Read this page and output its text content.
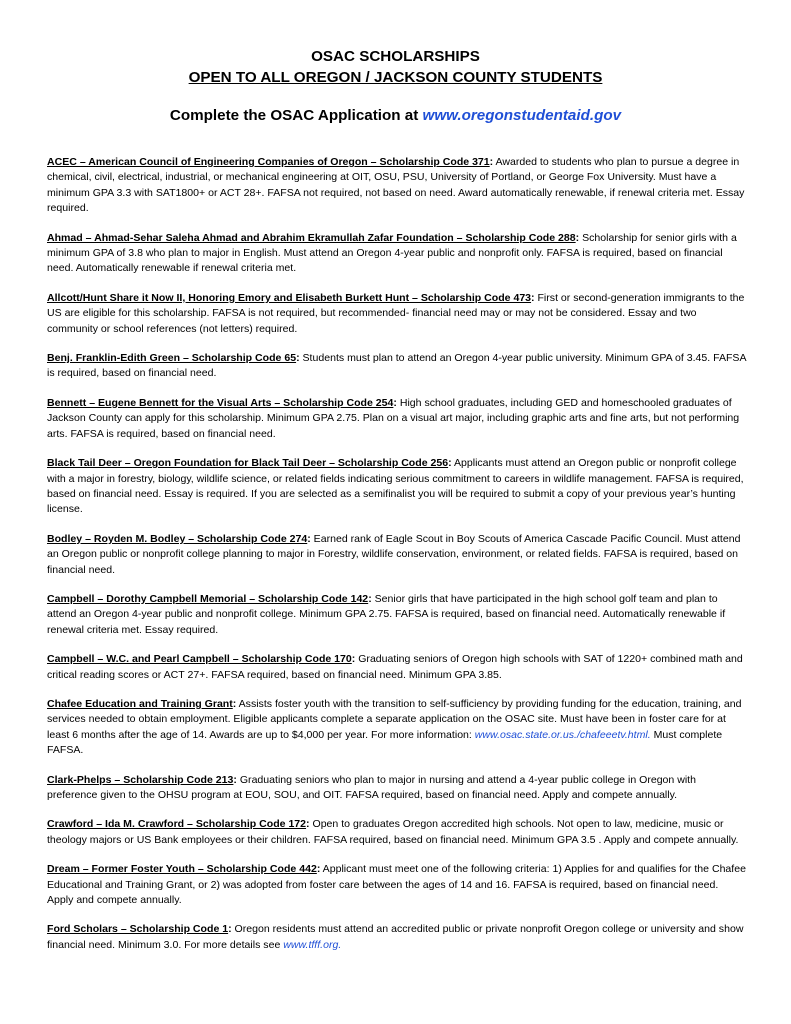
OSAC SCHOLARSHIPS
OPEN TO ALL OREGON / JACKSON COUNTY STUDENTS
Complete the OSAC Application at www.oregonstudentaid.gov

ACEC – American Council of Engineering Companies of Oregon – Scholarship Code 371: Awarded to students who plan to pursue a degree in chemical, civil, electrical, industrial, or mechanical engineering at OIT, OSU, PSU, University of Portland, or George Fox University. Must have a minimum GPA 3.3 with SAT1800+ or ACT 28+. FAFSA not required, not based on need. Award automatically renewable, if renewal criteria met. Essay required.

Ahmad – Ahmad-Sehar Saleha Ahmad and Abrahim Ekramullah Zafar Foundation – Scholarship Code 288: Scholarship for senior girls with a minimum GPA of 3.8 who plan to major in English. Must attend an Oregon 4-year public and nonprofit only. FAFSA is required, based on financial need. Automatically renewable if renewal criteria met.

Allcott/Hunt Share it Now II, Honoring Emory and Elisabeth Burkett Hunt – Scholarship Code 473: First or second-generation immigrants to the US are eligible for this scholarship. FAFSA is not required, but recommended- financial need may or may not be considered. Essay and two community or school references (not letters) required.

Benj. Franklin-Edith Green – Scholarship Code 65: Students must plan to attend an Oregon 4-year public university. Minimum GPA of 3.45. FAFSA is required, based on financial need.

Bennett – Eugene Bennett for the Visual Arts – Scholarship Code 254: High school graduates, including GED and homeschooled graduates of Jackson County can apply for this scholarship. Minimum GPA 2.75. Plan on a visual art major, including graphic arts and fine arts, but not performing arts. FAFSA is required, based on financial need.

Black Tail Deer – Oregon Foundation for Black Tail Deer – Scholarship Code 256: Applicants must attend an Oregon public or nonprofit college with a major in forestry, biology, wildlife science, or related fields indicating serious commitment to careers in wildlife management. FAFSA is required, based on financial need. Essay is required. If you are selected as a semifinalist you will be required to submit a copy of your previous year’s hunting license.

Bodley – Royden M. Bodley – Scholarship Code 274: Earned rank of Eagle Scout in Boy Scouts of America Cascade Pacific Council. Must attend an Oregon public or nonprofit college planning to major in Forestry, wildlife conservation, environment, or related fields. FAFSA is required, based on financial need.

Campbell – Dorothy Campbell Memorial – Scholarship Code 142: Senior girls that have participated in the high school golf team and plan to attend an Oregon 4-year public and nonprofit college. Minimum GPA 2.75. FAFSA is required, based on financial need. Automatically renewable if renewal criteria met. Essay required.

Campbell – W.C. and Pearl Campbell – Scholarship Code 170: Graduating seniors of Oregon high schools with SAT of 1220+ combined math and critical reading scores or ACT 27+. FAFSA required, based on financial need. Minimum GPA 3.85.

Chafee Education and Training Grant: Assists foster youth with the transition to self-sufficiency by providing funding for the education, training, and services needed to obtain employment. Eligible applicants complete a separate application on the OSAC site. Must have been in foster care for at least 6 months after the age of 14. Awards are up to $4,000 per year. For more information: www.osac.state.or.us./chafeeetv.html. Must complete FAFSA.

Clark-Phelps – Scholarship Code 213: Graduating seniors who plan to major in nursing and attend a 4-year public college in Oregon with preference given to the OHSU program at EOU, SOU, and OIT. FAFSA required, based on financial need. Apply and compete annually.

Crawford – Ida M. Crawford – Scholarship Code 172: Open to graduates Oregon accredited high schools. Not open to law, medicine, music or theology majors or US Bank employees or their children. FAFSA required, based on financial need. Minimum GPA 3.5 . Apply and compete annually.

Dream – Former Foster Youth – Scholarship Code 442: Applicant must meet one of the following criteria: 1) Applies for and qualifies for the Chafee Educational and Training Grant, or 2) was adopted from foster care between the ages of 14 and 16. FAFSA is required, based on financial need. Apply and compete annually.

Ford Scholars – Scholarship Code 1: Oregon residents must attend an accredited public or private nonprofit Oregon college or university and show financial need. Minimum 3.0. For more details see www.tfff.org.
